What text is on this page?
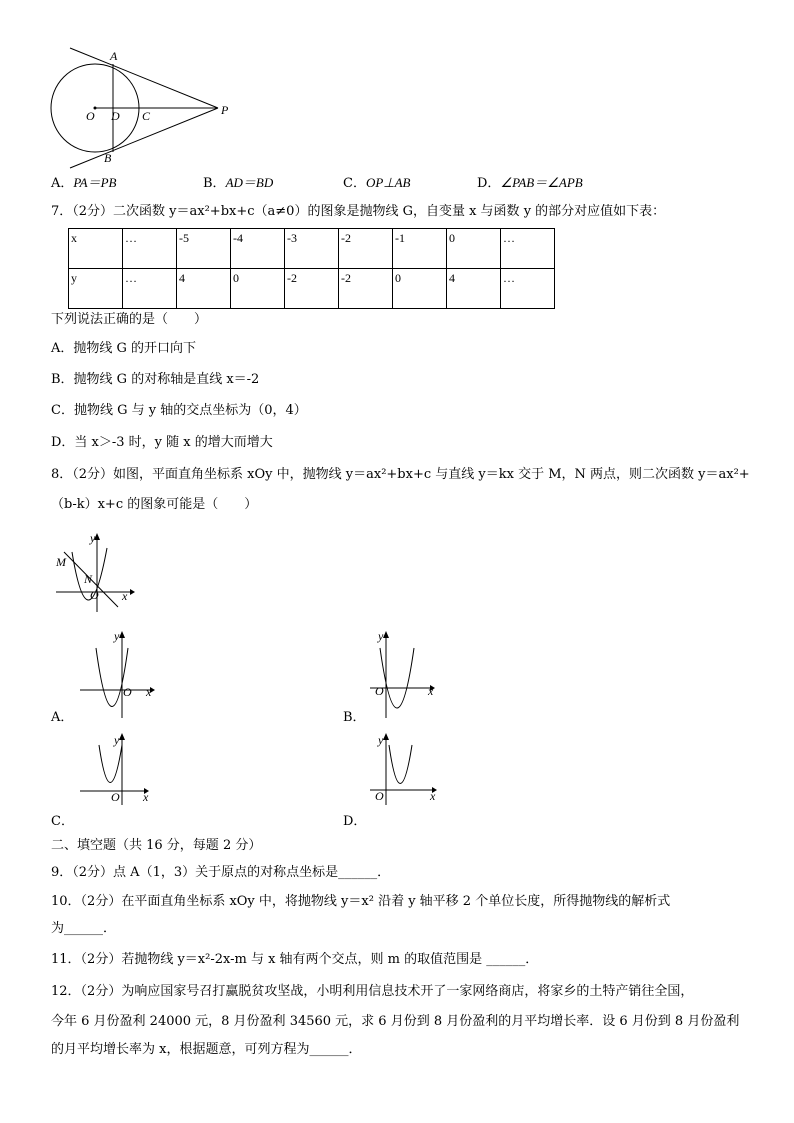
A
B
O D C	P
A．PA＝PB	B．AD＝BD	C．OP⊥AB	D．∠PAB＝∠APB
7．（2分）二次函数 y＝ax²+bx+c（a≠0）的图象是抛物线 G，自变量 x 与函数 y 的部分对应值如下表：
x	…	-5	-4	-3	-2	-1	0	…
y	…	4	0	-2	-2	0	4	…
下列说法正确的是（　　）
A．抛物线 G 的开口向下
B．抛物线 G 的对称轴是直线 x＝-2
C．抛物线 G 与 y 轴的交点坐标为（0，4）
D．当 x＞-3 时，y 随 x 的增大而增大
8．（2分）如图，平面直角坐标系 xOy 中，抛物线 y＝ax²+bx+c 与直线 y＝kx 交于 M，N 两点，则二次函数 y＝ax²+
（b-k）x+c 的图象可能是（　　）
y
x
M
N
O
y
x
O
A．
y
x
O
B．
y
x
O
C．
y
x
O
D．
二、填空题（共 16 分，每题 2 分）
9．（2分）点 A（1，3）关于原点的对称点坐标是______．
10．（2分）在平面直角坐标系 xOy 中，将抛物线 y＝x² 沿着 y 轴平移 2 个单位长度，所得抛物线的解析式
为______．
11．（2分）若抛物线 y＝x²-2x-m 与 x 轴有两个交点，则 m 的取值范围是 ______．
12．（2分）为响应国家号召打赢脱贫攻坚战，小明利用信息技术开了一家网络商店，将家乡的土特产销往全国，
今年 6 月份盈利 24000 元，8 月份盈利 34560 元，求 6 月份到 8 月份盈利的月平均增长率．设 6 月份到 8 月份盈利
的月平均增长率为 x，根据题意，可列方程为______．
